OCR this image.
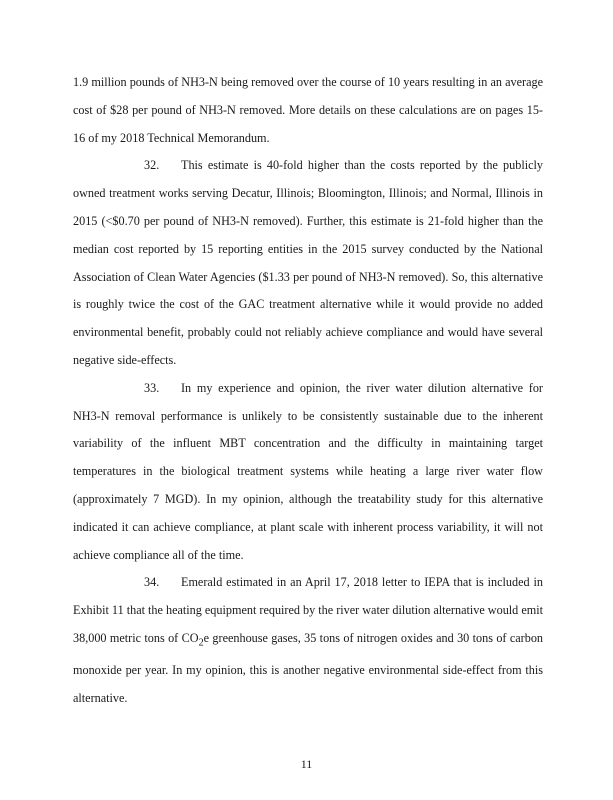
1.9 million pounds of NH3-N being removed over the course of 10 years resulting in an average cost of $28 per pound of NH3-N removed. More details on these calculations are on pages 15-16 of my 2018 Technical Memorandum.

32. This estimate is 40-fold higher than the costs reported by the publicly owned treatment works serving Decatur, Illinois; Bloomington, Illinois; and Normal, Illinois in 2015 (<$0.70 per pound of NH3-N removed). Further, this estimate is 21-fold higher than the median cost reported by 15 reporting entities in the 2015 survey conducted by the National Association of Clean Water Agencies ($1.33 per pound of NH3-N removed). So, this alternative is roughly twice the cost of the GAC treatment alternative while it would provide no added environmental benefit, probably could not reliably achieve compliance and would have several negative side-effects.

33. In my experience and opinion, the river water dilution alternative for NH3-N removal performance is unlikely to be consistently sustainable due to the inherent variability of the influent MBT concentration and the difficulty in maintaining target temperatures in the biological treatment systems while heating a large river water flow (approximately 7 MGD). In my opinion, although the treatability study for this alternative indicated it can achieve compliance, at plant scale with inherent process variability, it will not achieve compliance all of the time.

34. Emerald estimated in an April 17, 2018 letter to IEPA that is included in Exhibit 11 that the heating equipment required by the river water dilution alternative would emit 38,000 metric tons of $CO_2e$ greenhouse gases, 35 tons of nitrogen oxides and 30 tons of carbon monoxide per year. In my opinion, this is another negative environmental side-effect from this alternative.

11
